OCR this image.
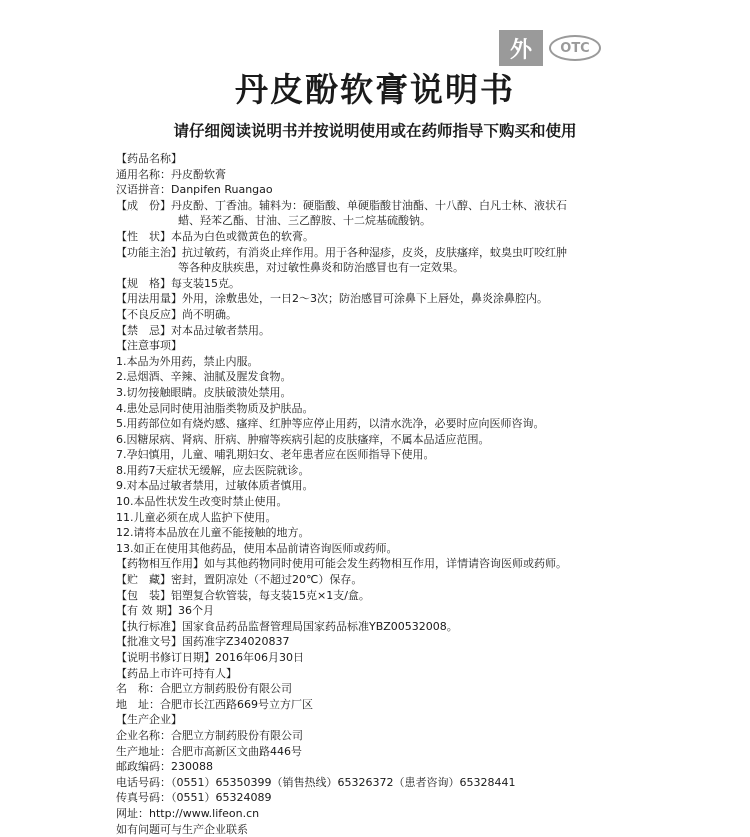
外	OTC
丹皮酚软膏说明书
请仔细阅读说明书并按说明使用或在药师指导下购买和使用
【药品名称】
通用名称：丹皮酚软膏
汉语拼音：Danpifen Ruangao
【成　份】丹皮酚、丁香油。辅料为：硬脂酸、单硬脂酸甘油酯、十八醇、白凡士林、液状石
蜡、羟苯乙酯、甘油、三乙醇胺、十二烷基硫酸钠。
【性　状】本品为白色或微黄色的软膏。
【功能主治】抗过敏药，有消炎止痒作用。用于各种湿疹，皮炎，皮肤瘙痒，蚊臭虫叮咬红肿
等各种皮肤疾患，对过敏性鼻炎和防治感冒也有一定效果。
【规　格】每支装15克。
【用法用量】外用，涂敷患处，一日2～3次；防治感冒可涂鼻下上唇处，鼻炎涂鼻腔内。
【不良反应】尚不明确。
【禁　忌】对本品过敏者禁用。
【注意事项】
1.本品为外用药，禁止内服。
2.忌烟酒、辛辣、油腻及腥发食物。
3.切勿接触眼睛。皮肤破溃处禁用。
4.患处忌同时使用油脂类物质及护肤品。
5.用药部位如有烧灼感、瘙痒、红肿等应停止用药，以清水洗净，必要时应向医师咨询。
6.因糖尿病、肾病、肝病、肿瘤等疾病引起的皮肤瘙痒，不属本品适应范围。
7.孕妇慎用，儿童、哺乳期妇女、老年患者应在医师指导下使用。
8.用药7天症状无缓解，应去医院就诊。
9.对本品过敏者禁用，过敏体质者慎用。
10.本品性状发生改变时禁止使用。
11.儿童必须在成人监护下使用。
12.请将本品放在儿童不能接触的地方。
13.如正在使用其他药品，使用本品前请咨询医师或药师。
【药物相互作用】如与其他药物同时使用可能会发生药物相互作用，详情请咨询医师或药师。
【贮　藏】密封，置阴凉处（不超过20℃）保存。
【包　装】铝塑复合软管装，每支装15克×1支/盒。
【有 效 期】36个月
【执行标准】国家食品药品监督管理局国家药品标准YBZ00532008。
【批准文号】国药准字Z34020837
【说明书修订日期】2016年06月30日
【药品上市许可持有人】
名　称：合肥立方制药股份有限公司
地　址：合肥市长江西路669号立方厂区
【生产企业】
企业名称：合肥立方制药股份有限公司
生产地址：合肥市高新区文曲路446号
邮政编码：230088
电话号码：（0551）65350399（销售热线）65326372（患者咨询）65328441
传真号码：（0551）65324089
网址：http://www.lifeon.cn
如有问题可与生产企业联系
